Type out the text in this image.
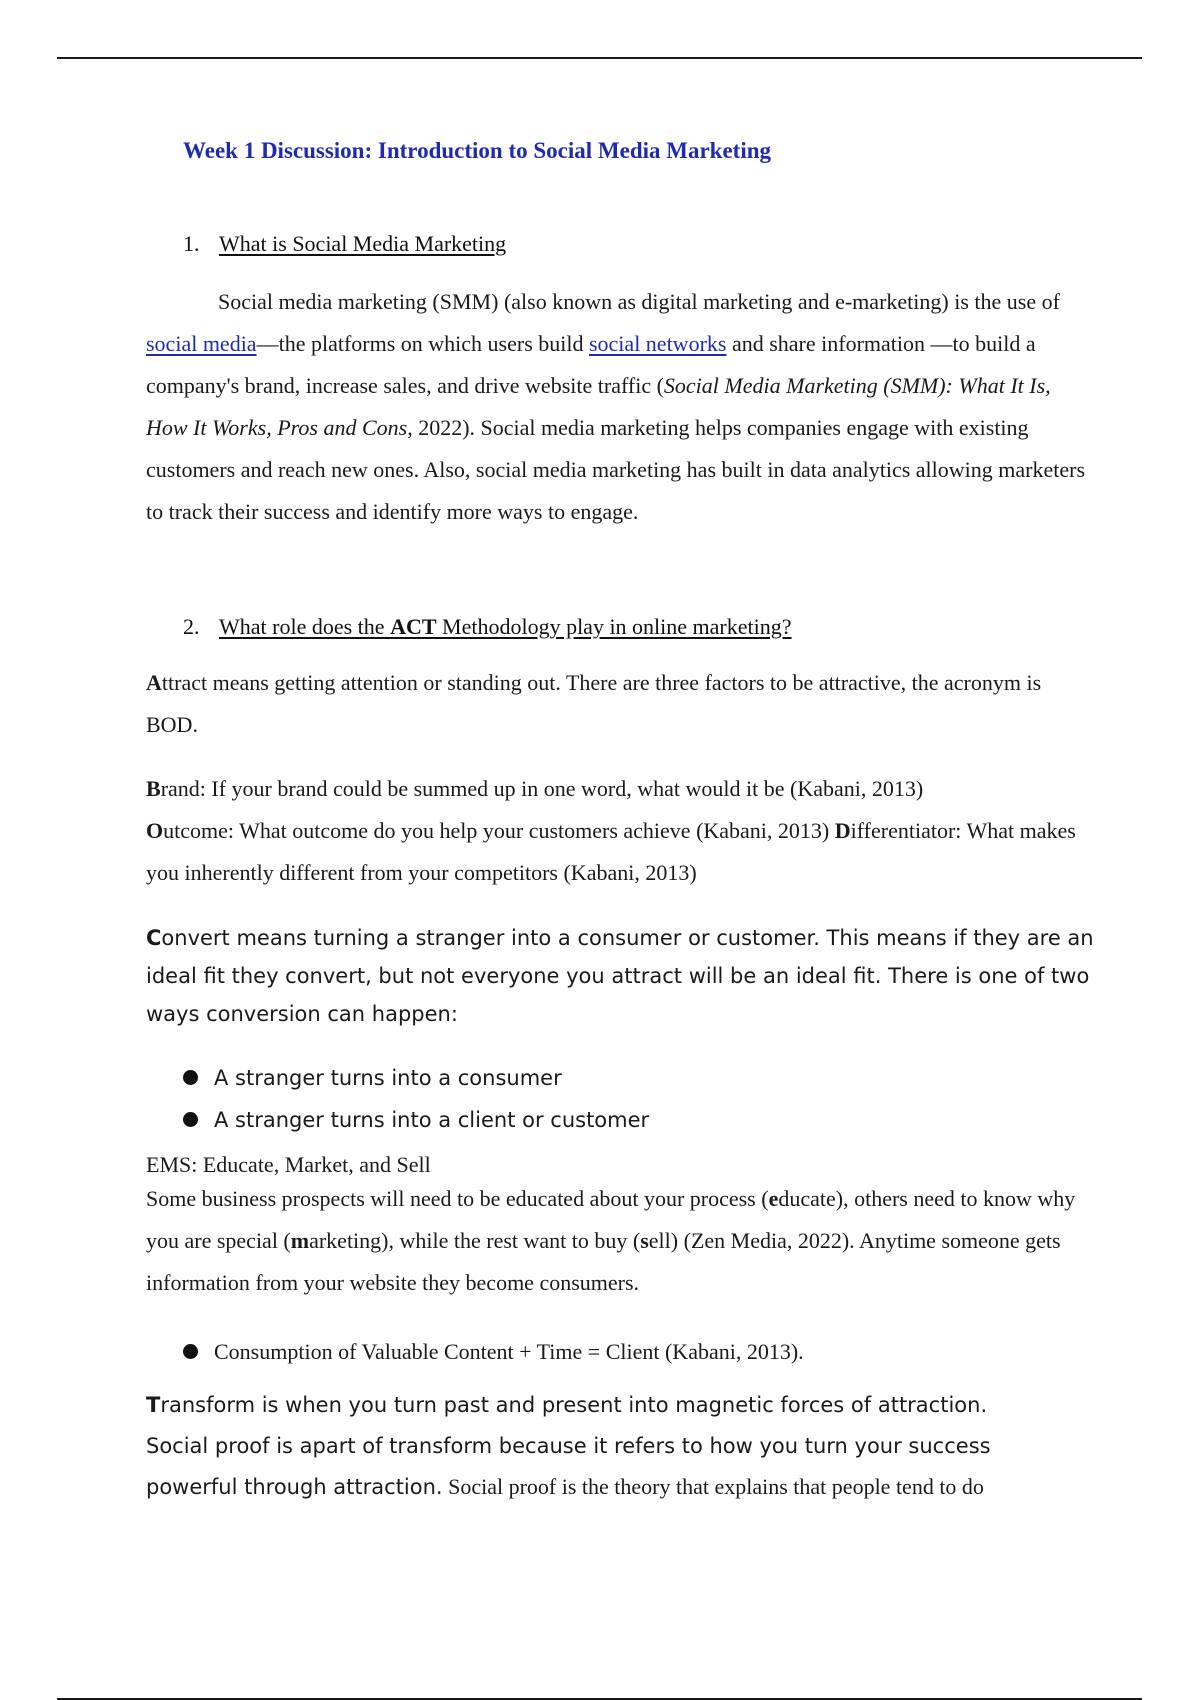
Week 1 Discussion: Introduction to Social Media Marketing
1. What is Social Media Marketing

Social media marketing (SMM) (also known as digital marketing and e-marketing) is the use of social media—the platforms on which users build social networks and share information —to build a company's brand, increase sales, and drive website traffic (Social Media Marketing (SMM): What It Is, How It Works, Pros and Cons, 2022). Social media marketing helps companies engage with existing customers and reach new ones. Also, social media marketing has built in data analytics allowing marketers to track their success and identify more ways to engage.

2. What role does the ACT Methodology play in online marketing?

Attract means getting attention or standing out. There are three factors to be attractive, the acronym is BOD.

Brand: If your brand could be summed up in one word, what would it be (Kabani, 2013)
Outcome: What outcome do you help your customers achieve (Kabani, 2013) Differentiator: What makes you inherently different from your competitors (Kabani, 2013)

Convert means turning a stranger into a consumer or customer. This means if they are an ideal fit they convert, but not everyone you attract will be an ideal fit. There is one of two ways conversion can happen:

A stranger turns into a consumer
A stranger turns into a client or customer
EMS: Educate, Market, and Sell

Some business prospects will need to be educated about your process (educate), others need to know why you are special (marketing), while the rest want to buy (sell) (Zen Media, 2022). Anytime someone gets information from your website they become consumers.

Consumption of Valuable Content + Time = Client (Kabani, 2013).
Transform is when you turn past and present into magnetic forces of attraction.
Social proof is apart of transform because it refers to how you turn your success
powerful through attraction. Social proof is the theory that explains that people tend to do
